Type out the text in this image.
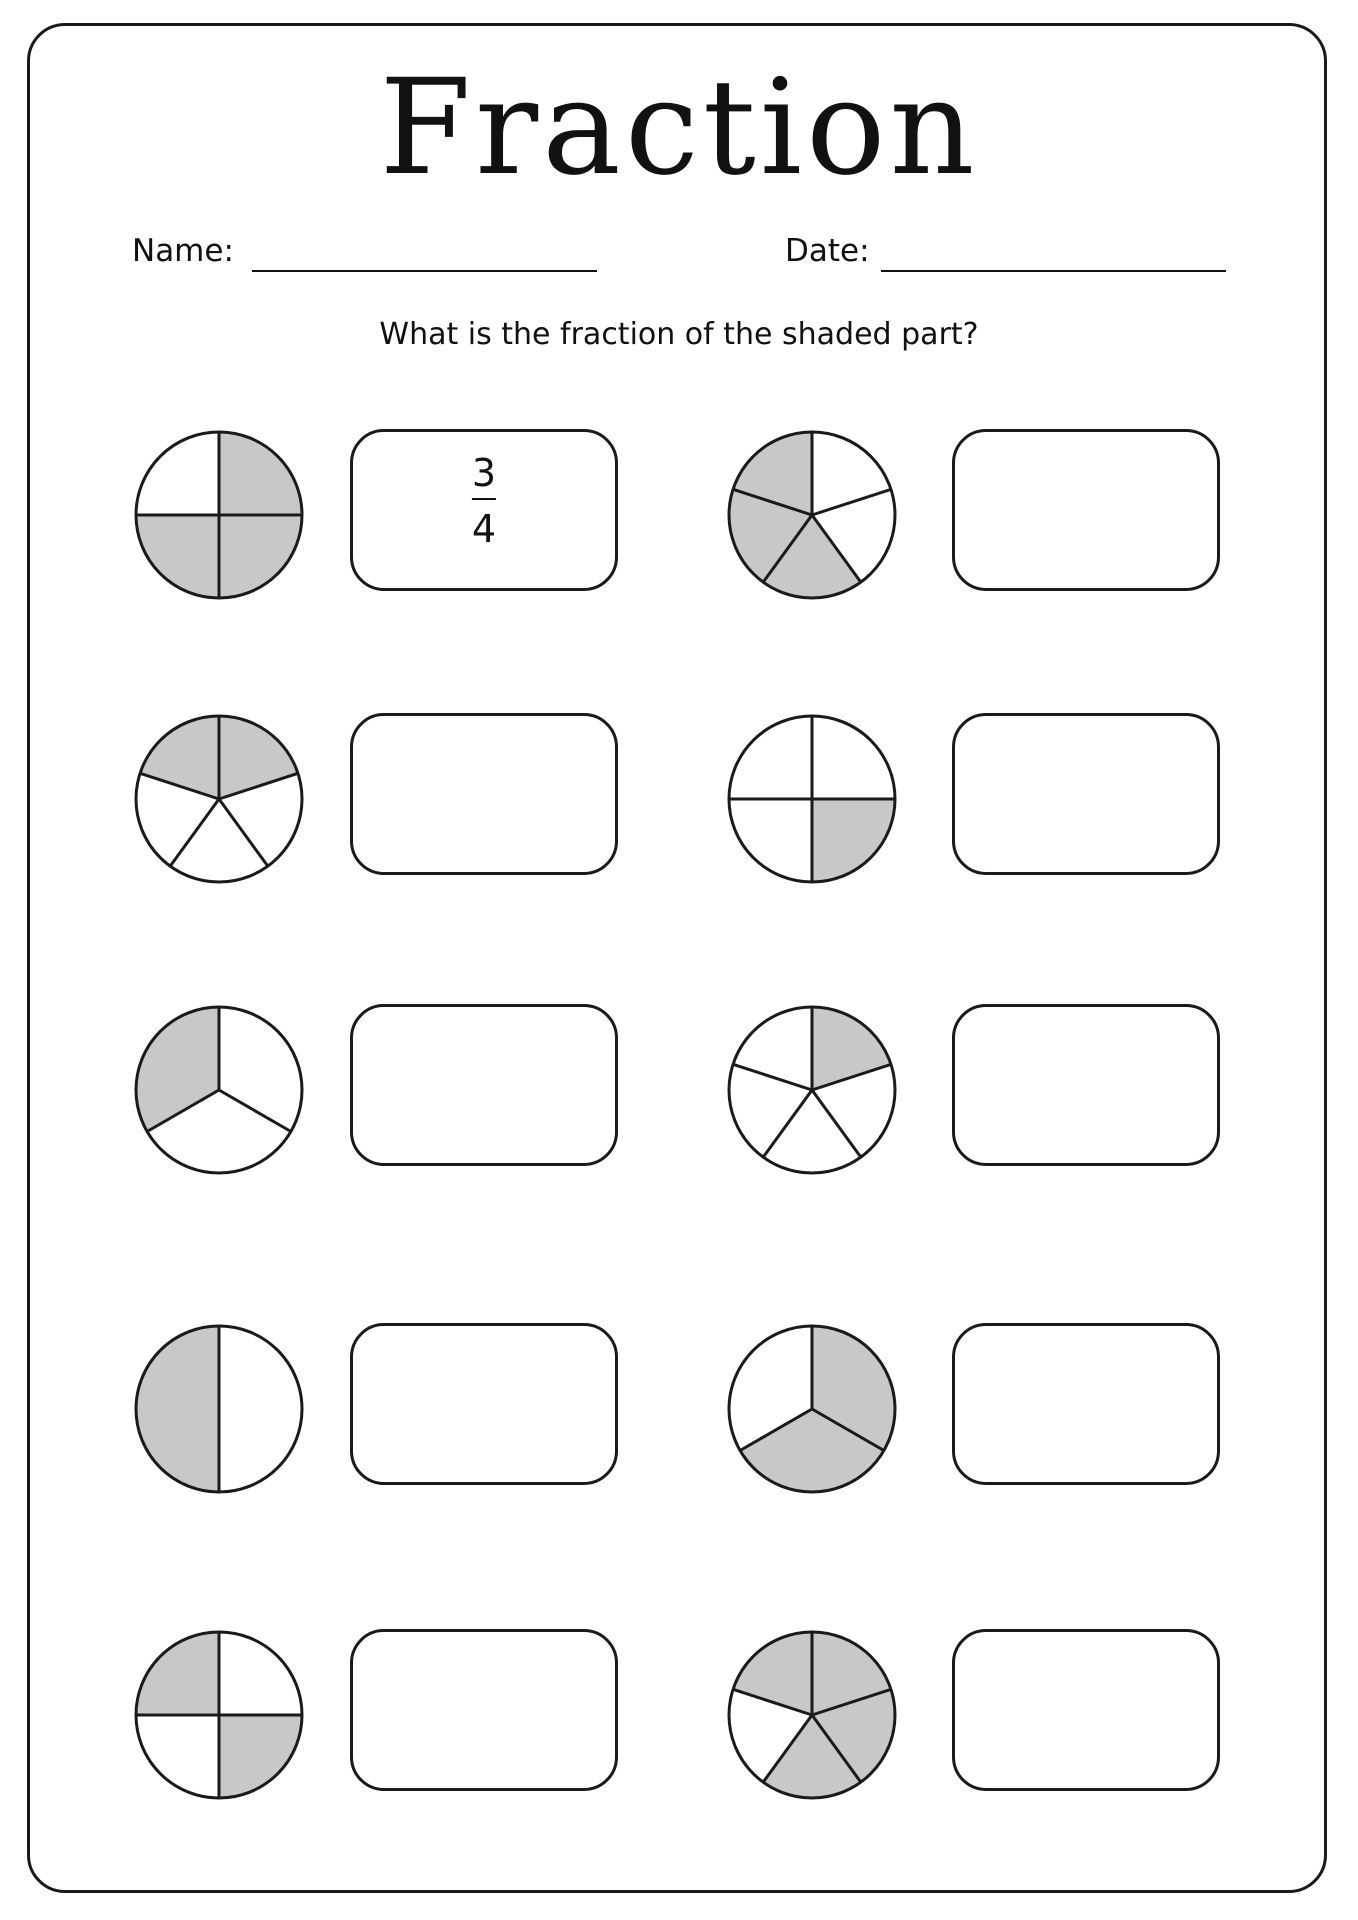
Fraction
Name:	Date:
What is the fraction of the shaded part?
3
4
